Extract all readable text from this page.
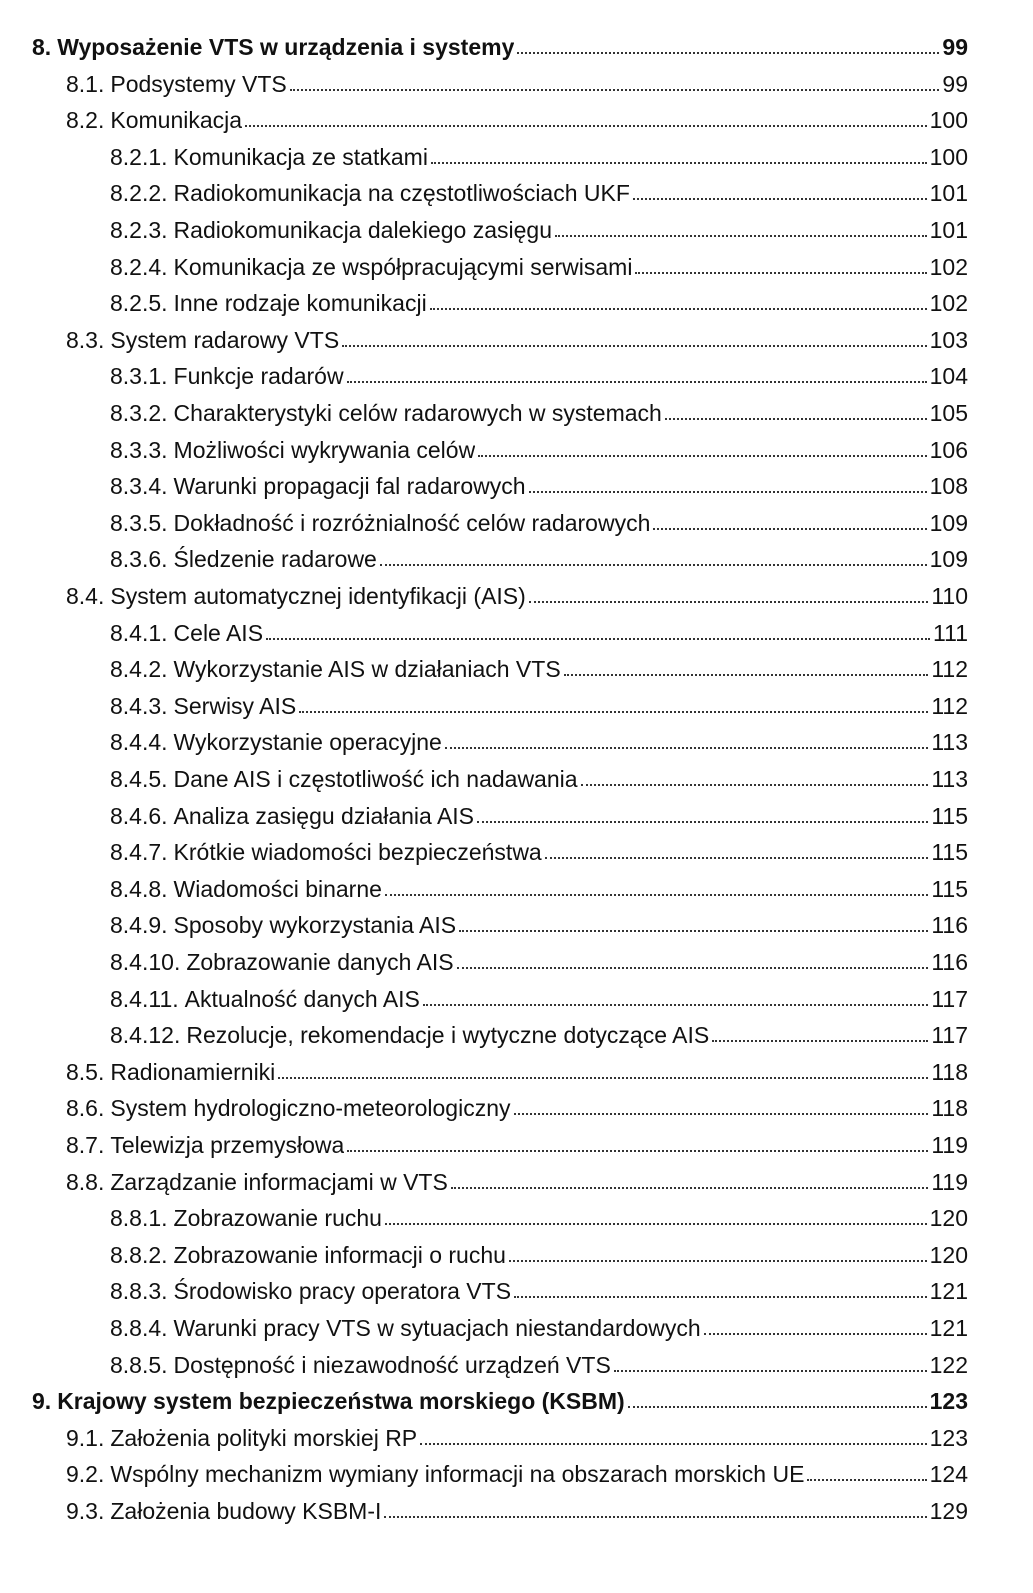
8. Wyposażenie VTS w urządzenia i systemy	99
8.1. Podsystemy VTS	99
8.2. Komunikacja	100
8.2.1. Komunikacja ze statkami	100
8.2.2. Radiokomunikacja na częstotliwościach UKF	101
8.2.3. Radiokomunikacja dalekiego zasięgu	101
8.2.4. Komunikacja ze współpracującymi serwisami	102
8.2.5. Inne rodzaje komunikacji	102
8.3. System radarowy VTS	103
8.3.1. Funkcje radarów	104
8.3.2. Charakterystyki celów radarowych w systemach	105
8.3.3. Możliwości wykrywania celów	106
8.3.4. Warunki propagacji fal radarowych	108
8.3.5. Dokładność i rozróżnialność celów radarowych	109
8.3.6. Śledzenie radarowe	109
8.4. System automatycznej identyfikacji (AIS)	110
8.4.1. Cele AIS	111
8.4.2. Wykorzystanie AIS w działaniach VTS	112
8.4.3. Serwisy AIS	112
8.4.4. Wykorzystanie operacyjne	113
8.4.5. Dane AIS i częstotliwość ich nadawania	113
8.4.6. Analiza zasięgu działania AIS	115
8.4.7. Krótkie wiadomości bezpieczeństwa	115
8.4.8. Wiadomości binarne	115
8.4.9. Sposoby wykorzystania AIS	116
8.4.10. Zobrazowanie danych AIS	116
8.4.11. Aktualność danych AIS	117
8.4.12. Rezolucje, rekomendacje i wytyczne dotyczące AIS	117
8.5. Radionamierniki	118
8.6. System hydrologiczno-meteorologiczny	118
8.7. Telewizja przemysłowa	119
8.8. Zarządzanie informacjami w VTS	119
8.8.1. Zobrazowanie ruchu	120
8.8.2. Zobrazowanie informacji o ruchu	120
8.8.3. Środowisko pracy operatora VTS	121
8.8.4. Warunki pracy VTS w sytuacjach niestandardowych	121
8.8.5. Dostępność i niezawodność urządzeń VTS	122
9. Krajowy system bezpieczeństwa morskiego (KSBM)	123
9.1. Założenia polityki morskiej RP	123
9.2. Wspólny mechanizm wymiany informacji na obszarach morskich UE	124
9.3. Założenia budowy KSBM-I	129
